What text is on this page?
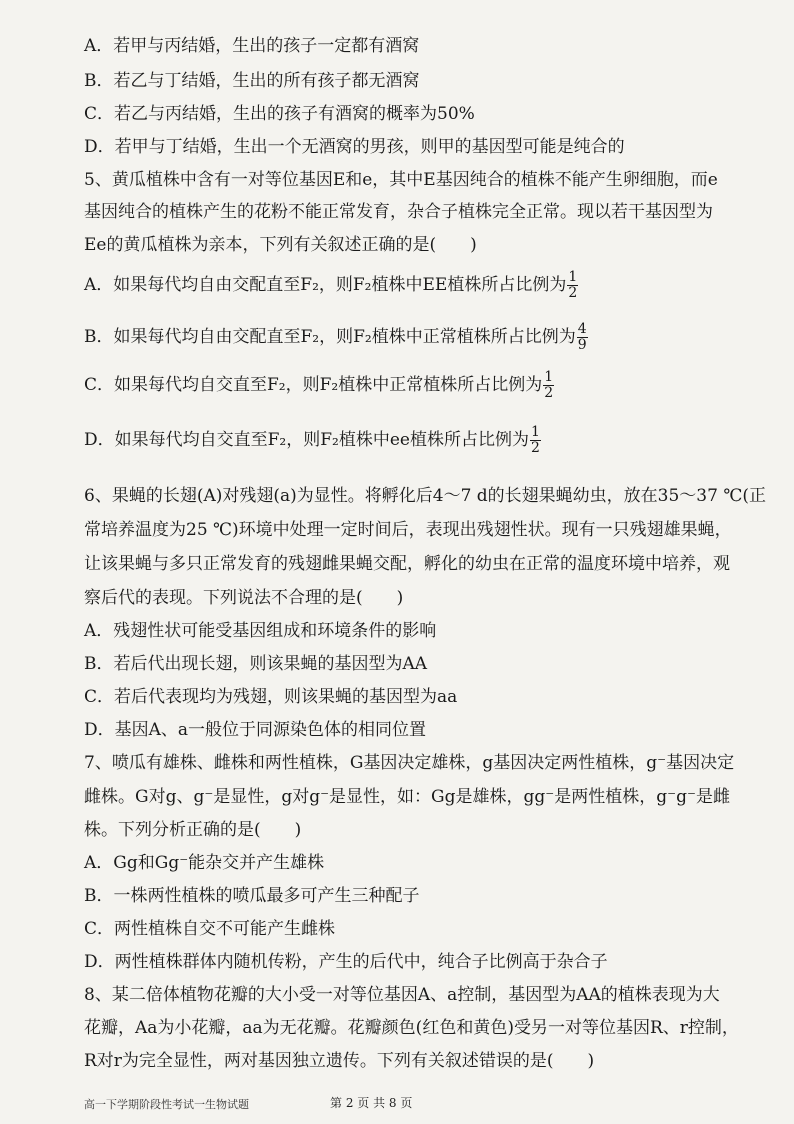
A．若甲与丙结婚，生出的孩子一定都有酒窝
B．若乙与丁结婚，生出的所有孩子都无酒窝
C．若乙与丙结婚，生出的孩子有酒窝的概率为50%
D．若甲与丁结婚，生出一个无酒窝的男孩，则甲的基因型可能是纯合的
5、黄瓜植株中含有一对等位基因E和e，其中E基因纯合的植株不能产生卵细胞，而e
基因纯合的植株产生的花粉不能正常发育，杂合子植株完全正常。现以若干基因型为
Ee的黄瓜植株为亲本，下列有关叙述正确的是(　　)
A．如果每代均自由交配直至F₂，则F₂植株中EE植株所占比例为 $\frac{1}{2}$
B．如果每代均自由交配直至F₂，则F₂植株中正常植株所占比例为 $\frac{4}{9}$
C．如果每代均自交直至F₂，则F₂植株中正常植株所占比例为 $\frac{1}{2}$
D．如果每代均自交直至F₂，则F₂植株中ee植株所占比例为 $\frac{1}{2}$
6、果蝇的长翅(A)对残翅(a)为显性。将孵化后4～7 d的长翅果蝇幼虫，放在35～37 ℃(正
常培养温度为25 ℃)环境中处理一定时间后，表现出残翅性状。现有一只残翅雄果蝇，
让该果蝇与多只正常发育的残翅雌果蝇交配，孵化的幼虫在正常的温度环境中培养，观
察后代的表现。下列说法不合理的是(　　)
A．残翅性状可能受基因组成和环境条件的影响
B．若后代出现长翅，则该果蝇的基因型为AA
C．若后代表现均为残翅，则该果蝇的基因型为aa
D．基因A、a一般位于同源染色体的相同位置
7、喷瓜有雄株、雌株和两性植株，G基因决定雄株，g基因决定两性植株，g⁻基因决定
雌株。G对g、g⁻是显性，g对g⁻是显性，如：Gg是雄株，gg⁻是两性植株，g⁻g⁻是雌
株。下列分析正确的是(　　)
A．Gg和Gg⁻能杂交并产生雄株
B．一株两性植株的喷瓜最多可产生三种配子
C．两性植株自交不可能产生雌株
D．两性植株群体内随机传粉，产生的后代中，纯合子比例高于杂合子
8、某二倍体植物花瓣的大小受一对等位基因A、a控制，基因型为AA的植株表现为大
花瓣，Aa为小花瓣，aa为无花瓣。花瓣颜色(红色和黄色)受另一对等位基因R、r控制，
R对r为完全显性，两对基因独立遗传。下列有关叙述错误的是(　　)
高一下学期阶段性考试一生物试题	第 2 页 共 8 页
